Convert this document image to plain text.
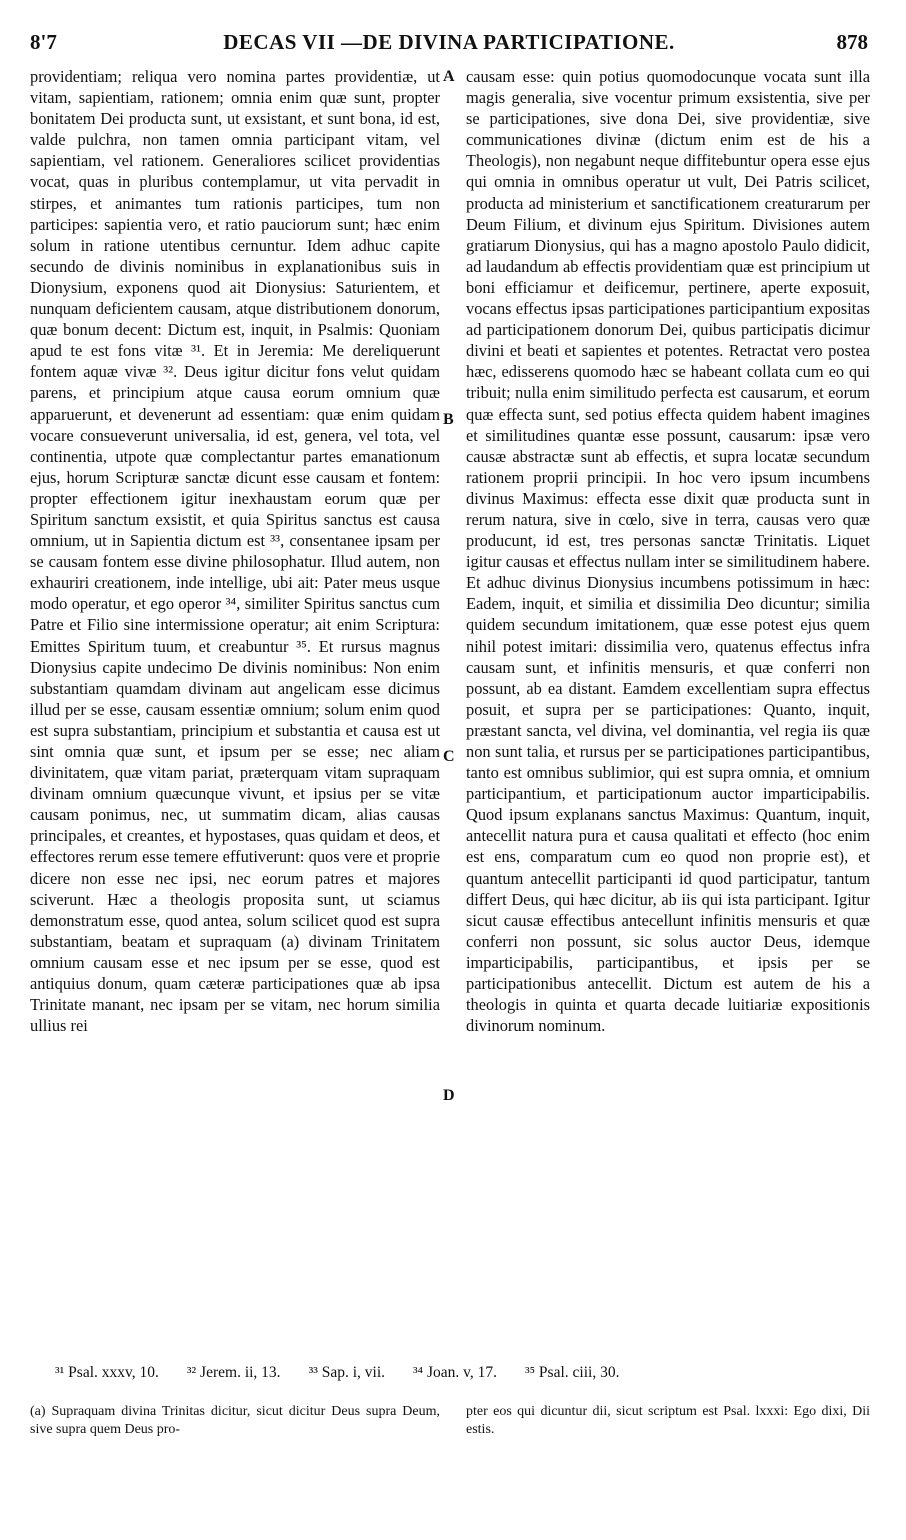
8'7	DECAS VII —DE DIVINA PARTICIPATIONE.	878

providentiam; reliqua vero nomina partes providentiæ, ut vitam, sapientiam, rationem; omnia enim quæ sunt, propter bonitatem Dei producta sunt, ut exsistant, et sunt bona, id est, valde pulchra, non tamen omnia participant vitam, vel sapientiam, vel rationem. Generaliores scilicet providentias vocat, quas in pluribus contemplamur, ut vita pervadit in stirpes, et animantes tum rationis participes, tum non participes: sapientia vero, et ratio pauciorum sunt; hæc enim solum in ratione utentibus cernuntur. Idem adhuc capite secundo de divinis nominibus in explanationibus suis in Dionysium, exponens quod ait Dionysius: Saturientem, et nunquam deficientem causam, atque distributionem donorum, quæ bonum decent: Dictum est, inquit, in Psalmis: Quoniam apud te est fons vitæ ³¹. Et in Jeremia: Me dereliquerunt fontem aquæ vivæ ³². Deus igitur dicitur fons velut quidam parens, et principium atque causa eorum omnium quæ apparuerunt, et devenerunt ad essentiam: quæ enim quidam vocare consueverunt universalia, id est, genera, vel tota, vel continentia, utpote quæ complectantur partes emanationum ejus, horum Scripturæ sanctæ dicunt esse causam et fontem: propter effectionem igitur inexhaustam eorum quæ per Spiritum sanctum exsistit, et quia Spiritus sanctus est causa omnium, ut in Sapientia dictum est ³³, consentanee ipsam per se causam fontem esse divine philosophatur. Illud autem, non exhauriri creationem, inde intellige, ubi ait: Pater meus usque modo operatur, et ego operor ³⁴, similiter Spiritus sanctus cum Patre et Filio sine intermissione operatur; ait enim Scriptura: Emittes Spiritum tuum, et creabuntur ³⁵. Et rursus magnus Dionysius capite undecimo De divinis nominibus: Non enim substantiam quamdam divinam aut angelicam esse dicimus illud per se esse, causam essentiæ omnium; solum enim quod est supra substantiam, principium et substantia et causa est ut sint omnia quæ sunt, et ipsum per se esse; nec aliam divinitatem, quæ vitam pariat, præterquam vitam supraquam divinam omnium quæcunque vivunt, et ipsius per se vitæ causam ponimus, nec, ut summatim dicam, alias causas principales, et creantes, et hypostases, quas quidam et deos, et effectores rerum esse temere effutiverunt: quos vere et proprie dicere non esse nec ipsi, nec eorum patres et majores sciverunt. Hæc a theologis proposita sunt, ut sciamus demonstratum esse, quod antea, solum scilicet quod est supra substantiam, beatam et supraquam (a) divinam Trinitatem omnium causam esse et nec ipsum per se esse, quod est antiquius donum, quam cæteræ participationes quæ ab ipsa Trinitate manant, nec ipsam per se vitam, nec horum similia ullius rei

A
B
C
D

causam esse: quin potius quomodocunque vocata sunt illa magis generalia, sive vocentur primum exsistentia, sive per se participationes, sive dona Dei, sive providentiæ, sive communicationes divinæ (dictum enim est de his a Theologis), non negabunt neque diffitebuntur opera esse ejus qui omnia in omnibus operatur ut vult, Dei Patris scilicet, producta ad ministerium et sanctificationem creaturarum per Deum Filium, et divinum ejus Spiritum. Divisiones autem gratiarum Dionysius, qui has a magno apostolo Paulo didicit, ad laudandum ab effectis providentiam quæ est principium ut boni efficiamur et deificemur, pertinere, aperte exposuit, vocans effectus ipsas participationes participantium expositas ad participationem donorum Dei, quibus participatis dicimur divini et beati et sapientes et potentes. Retractat vero postea hæc, edisserens quomodo hæc se habeant collata cum eo qui tribuit; nulla enim similitudo perfecta est causarum, et eorum quæ effecta sunt, sed potius effecta quidem habent imagines et similitudines quantæ esse possunt, causarum: ipsæ vero causæ abstractæ sunt ab effectis, et supra locatæ secundum rationem proprii principii. In hoc vero ipsum incumbens divinus Maximus: effecta esse dixit quæ producta sunt in rerum natura, sive in cœlo, sive in terra, causas vero quæ producunt, id est, tres personas sanctæ Trinitatis. Liquet igitur causas et effectus nullam inter se similitudinem habere. Et adhuc divinus Dionysius incumbens potissimum in hæc: Eadem, inquit, et similia et dissimilia Deo dicuntur; similia quidem secundum imitationem, quæ esse potest ejus quem nihil potest imitari: dissimilia vero, quatenus effectus infra causam sunt, et infinitis mensuris, et quæ conferri non possunt, ab ea distant. Eamdem excellentiam supra effectus posuit, et supra per se participationes: Quanto, inquit, præstant sancta, vel divina, vel dominantia, vel regia iis quæ non sunt talia, et rursus per se participationes participantibus, tanto est omnibus sublimior, qui est supra omnia, et omnium participantium, et participationum auctor imparticipabilis. Quod ipsum explanans sanctus Maximus: Quantum, inquit, antecellit natura pura et causa qualitati et effecto (hoc enim est ens, comparatum cum eo quod non proprie est), et quantum antecellit participanti id quod participatur, tantum differt Deus, qui hæc dicitur, ab iis qui ista participant. Igitur sicut causæ effectibus antecellunt infinitis mensuris et quæ conferri non possunt, sic solus auctor Deus, idemque imparticipabilis, participantibus, et ipsis per se participationibus antecellit. Dictum est autem de his a theologis in quinta et quarta decade luitiariæ expositionis divinorum nominum.

³¹ Psal. xxxv, 10. ³² Jerem. ii, 13. ³³ Sap. i, vii. ³⁴ Joan. v, 17. ³⁵ Psal. ciii, 30.
(a) Supraquam divina Trinitas dicitur, sicut dicitur Deus supra Deum, sive supra quem Deus pro-
pter eos qui dicuntur dii, sicut scriptum est Psal. lxxxi: Ego dixi, Dii estis.
